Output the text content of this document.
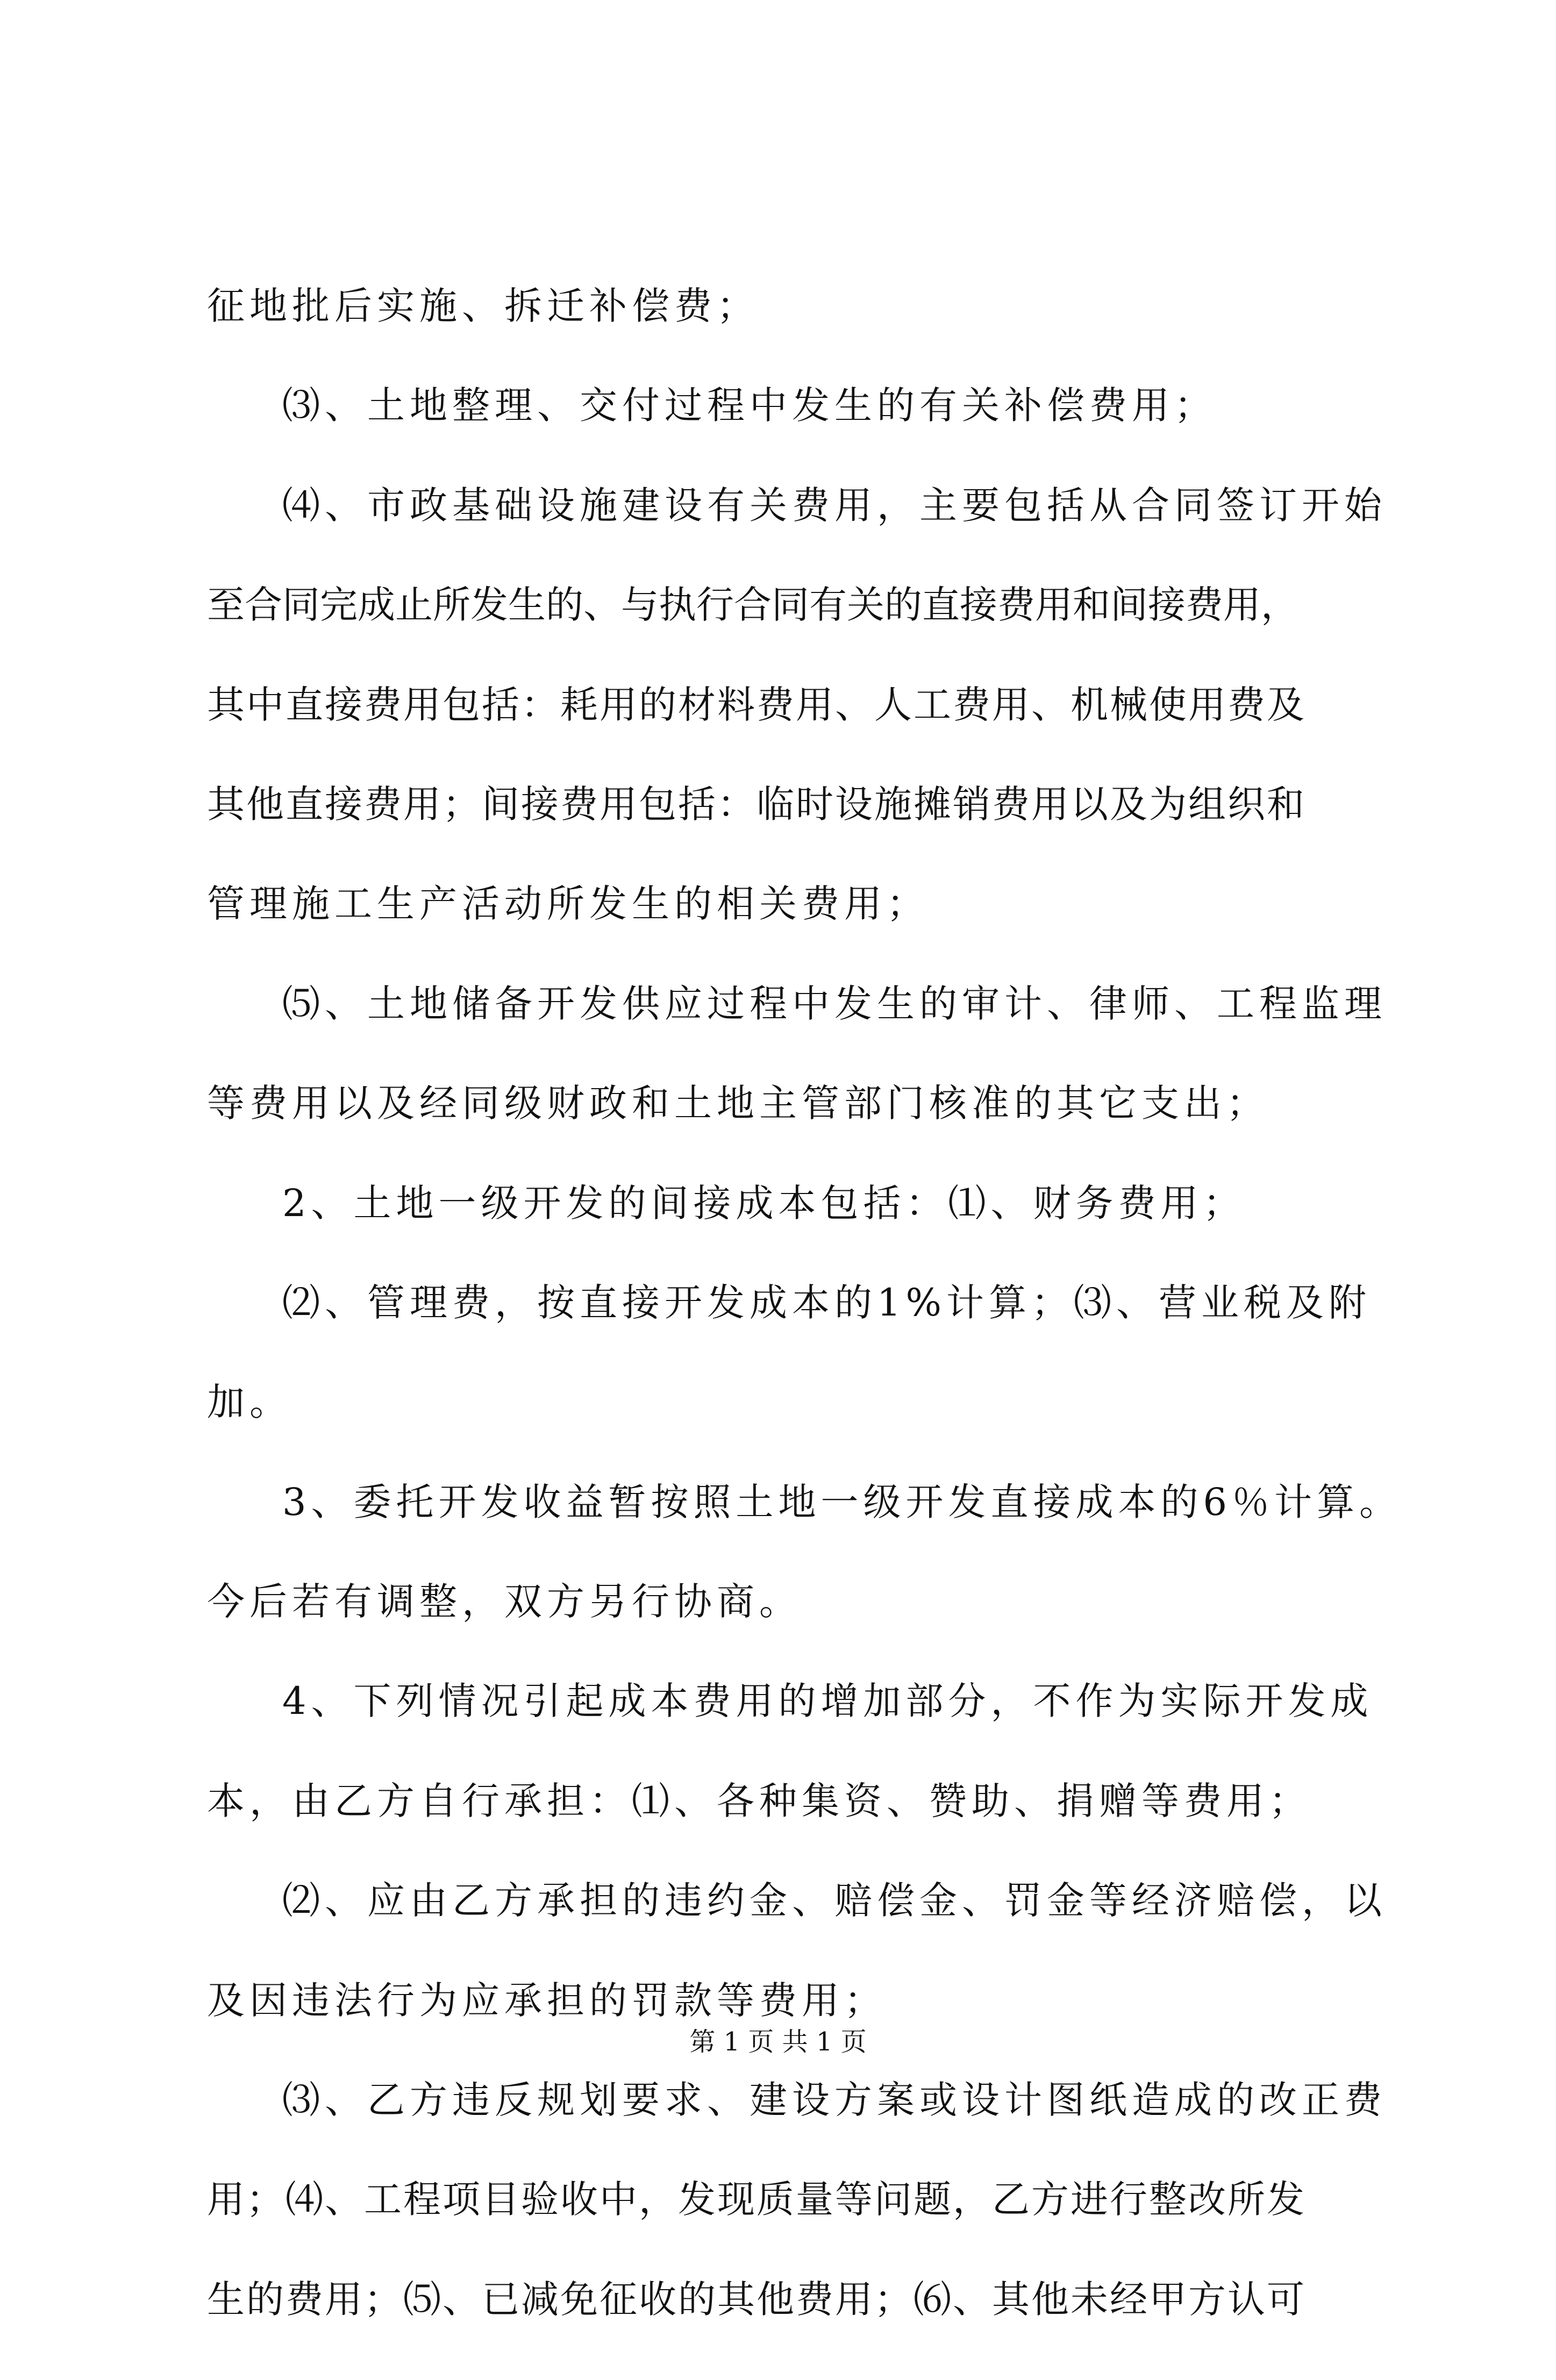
征地批后实施、拆迁补偿费；
⑶、土地整理、交付过程中发生的有关补偿费用；
⑷、市政基础设施建设有关费用，主要包括从合同签订开始
至合同完成止所发生的、与执行合同有关的直接费用和间接费用，
其中直接费用包括：耗用的材料费用、人工费用、机械使用费及
其他直接费用；间接费用包括：临时设施摊销费用以及为组织和
管理施工生产活动所发生的相关费用；
⑸、土地储备开发供应过程中发生的审计、律师、工程监理
等费用以及经同级财政和土地主管部门核准的其它支出；
2、土地一级开发的间接成本包括：⑴、财务费用；
⑵、管理费，按直接开发成本的1%计算；⑶、营业税及附
加。
3、委托开发收益暂按照土地一级开发直接成本的6％计算。
今后若有调整，双方另行协商。
4、下列情况引起成本费用的增加部分，不作为实际开发成
本，由乙方自行承担：⑴、各种集资、赞助、捐赠等费用；
⑵、应由乙方承担的违约金、赔偿金、罚金等经济赔偿，以
及因违法行为应承担的罚款等费用；
⑶、乙方违反规划要求、建设方案或设计图纸造成的改正费
用；⑷、工程项目验收中，发现质量等问题，乙方进行整改所发
生的费用；⑸、已减免征收的其他费用；⑹、其他未经甲方认可
第 1 页 共 1 页
